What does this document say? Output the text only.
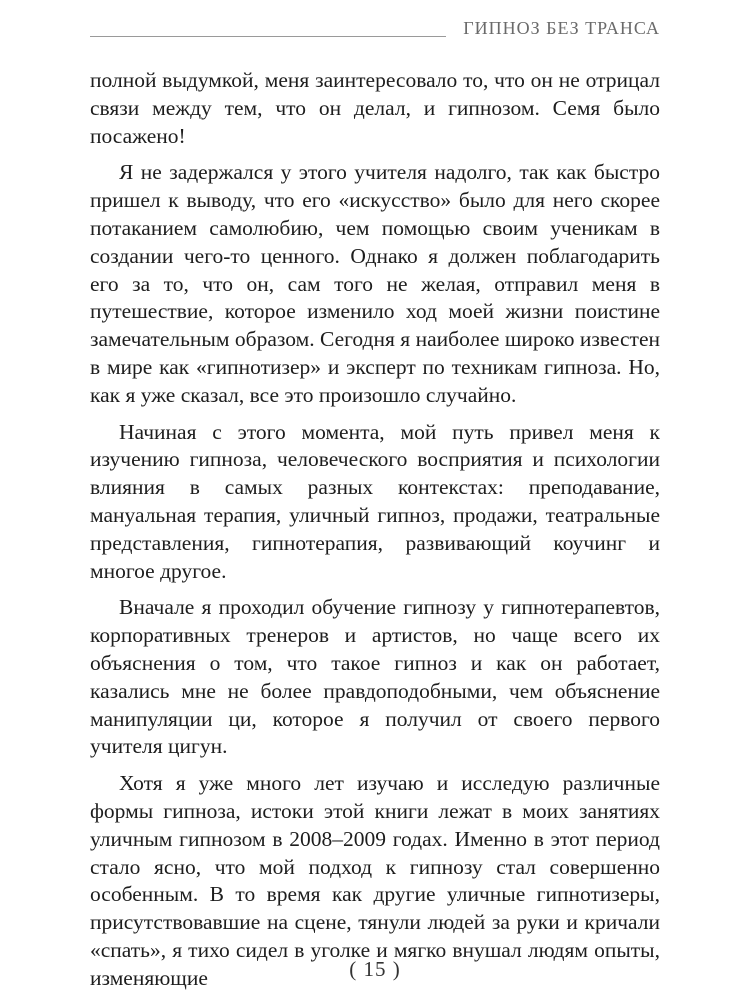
ГИПНОЗ БЕЗ ТРАНСА

полной выдумкой, меня заинтересовало то, что он не отрицал связи между тем, что он делал, и гипнозом. Семя было посажено!

Я не задержался у этого учителя надолго, так как быстро пришел к выводу, что его «искусство» было для него скорее потаканием самолюбию, чем помощью своим ученикам в создании чего-то ценного. Однако я должен поблагодарить его за то, что он, сам того не желая, отправил меня в путешествие, которое изменило ход моей жизни поистине замечательным образом. Сегодня я наиболее широко известен в мире как «гипнотизер» и эксперт по техникам гипноза. Но, как я уже сказал, все это произошло случайно.

Начиная с этого момента, мой путь привел меня к изучению гипноза, человеческого восприятия и психологии влияния в самых разных контекстах: преподавание, мануальная терапия, уличный гипноз, продажи, театральные представления, гипнотерапия, развивающий коучинг и многое другое.

Вначале я проходил обучение гипнозу у гипнотерапевтов, корпоративных тренеров и артистов, но чаще всего их объяснения о том, что такое гипноз и как он работает, казались мне не более правдоподобными, чем объяснение манипуляции ци, которое я получил от своего первого учителя цигун.

Хотя я уже много лет изучаю и исследую различные формы гипноза, истоки этой книги лежат в моих занятиях уличным гипнозом в 2008–2009 годах. Именно в этот период стало ясно, что мой подход к гипнозу стал совершенно особенным. В то время как другие уличные гипнотизеры, присутствовавшие на сцене, тянули людей за руки и кричали «спать», я тихо сидел в уголке и мягко внушал людям опыты, изменяющие	( 15 )
